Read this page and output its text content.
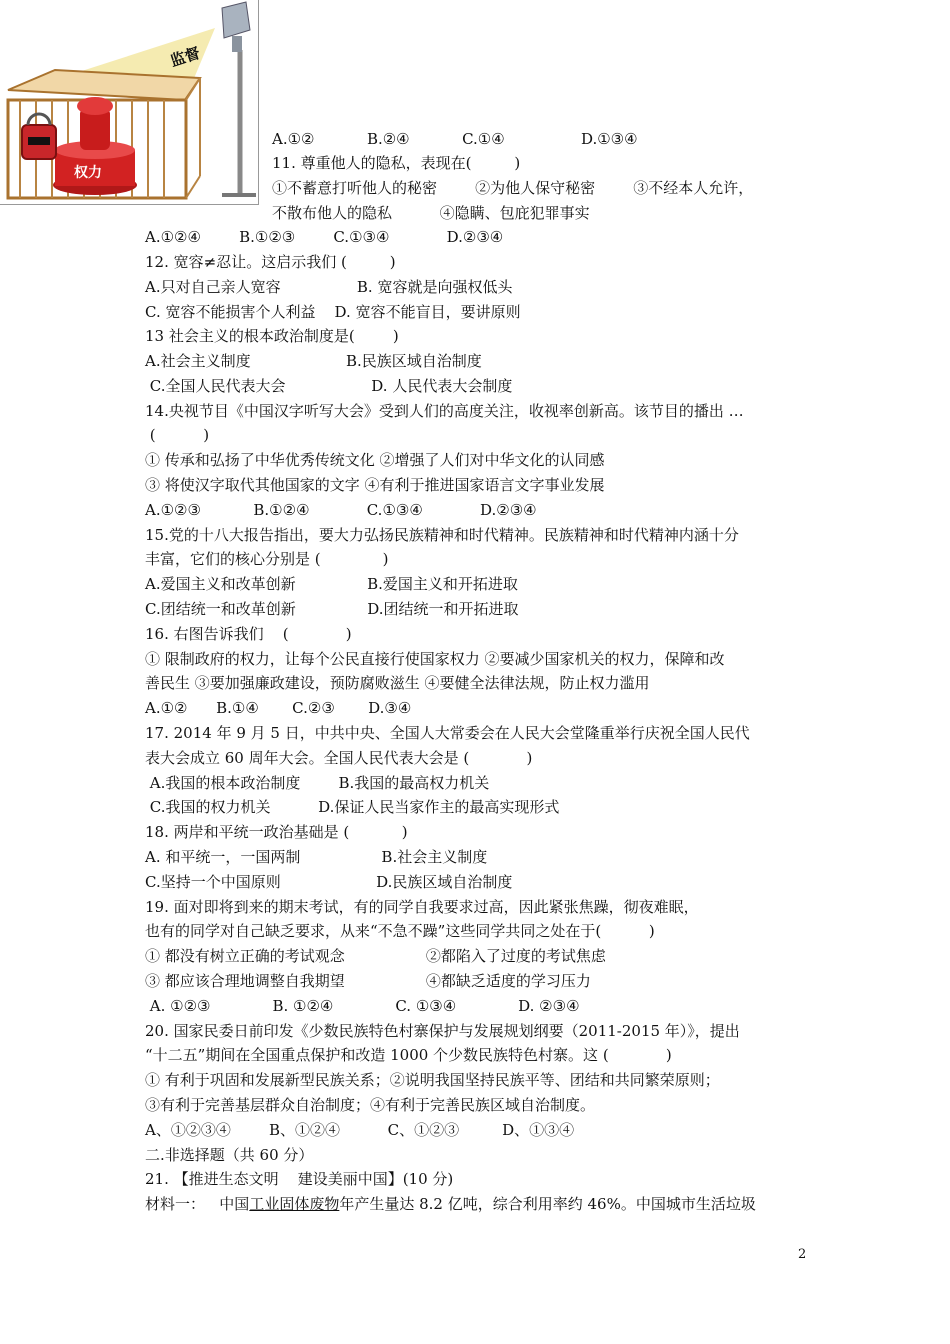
监督
权力
A.①②           B.②④           C.①④                D.①③④
11. 尊重他人的隐私，表现在(         )
①不蓄意打听他人的秘密        ②为他人保守秘密        ③不经本人允许，
不散布他人的隐私          ④隐瞒、包庇犯罪事实
A.①②④        B.①②③        C.①③④            D.②③④
12. 宽容≠忍让。这启示我们 (         )
A.只对自己亲人宽容                B. 宽容就是向强权低头
C. 宽容不能损害个人利益    D. 宽容不能盲目，要讲原则
13 社会主义的根本政治制度是(        )
A.社会主义制度                    B.民族区域自治制度
C.全国人民代表大会                  D. 人民代表大会制度
14.央视节目《中国汉字听写大会》受到人们的高度关注，收视率创新高。该节目的播出 …
(          )
① 传承和弘扬了中华优秀传统文化 ②增强了人们对中华文化的认同感
③ 将使汉字取代其他国家的文字 ④有利于推进国家语言文字事业发展
A.①②③           B.①②④            C.①③④            D.②③④
15.党的十八大报告指出，要大力弘扬民族精神和时代精神。民族精神和时代精神内涵十分
丰富，它们的核心分别是 (             )
A.爱国主义和改革创新               B.爱国主义和开拓进取
C.团结统一和改革创新               D.团结统一和开拓进取
16. 右图告诉我们    (            )
① 限制政府的权力，让每个公民直接行使国家权力 ②要减少国家机关的权力，保障和改
善民生 ③要加强廉政建设，预防腐败滋生 ④要健全法律法规，防止权力滥用
A.①②      B.①④       C.②③       D.③④
17. 2014 年 9 月 5 日，中共中央、全国人大常委会在人民大会堂隆重举行庆祝全国人民代
表大会成立 60 周年大会。全国人民代表大会是 (            )
A.我国的根本政治制度        B.我国的最高权力机关
C.我国的权力机关          D.保证人民当家作主的最高实现形式
18. 两岸和平统一政治基础是 (           )
A. 和平统一，一国两制                 B.社会主义制度
C.坚持一个中国原则                    D.民族区域自治制度
19. 面对即将到来的期末考试，有的同学自我要求过高，因此紧张焦躁，彻夜难眠，
也有的同学对自己缺乏要求，从来“不急不躁”这些同学共同之处在于(          )
① 都没有树立正确的考试观念                 ②都陷入了过度的考试焦虑
③ 都应该合理地调整自我期望                 ④都缺乏适度的学习压力
A. ①②③             B. ①②④             C. ①③④             D. ②③④
20. 国家民委日前印发《少数民族特色村寨保护与发展规划纲要（2011-2015 年）》，提出
“十二五”期间在全国重点保护和改造 1000 个少数民族特色村寨。这 (            )
① 有利于巩固和发展新型民族关系；②说明我国坚持民族平等、团结和共同繁荣原则；
③有利于完善基层群众自治制度；④有利于完善民族区域自治制度。
A、①②③④        B、①②④          C、①②③         D、①③④
二.非选择题（共 60 分）
21. 【推进生态文明    建设美丽中国】(10 分)
材料一：   中国工业固体废物年产生量达 8.2 亿吨，综合利用率约 46%。中国城市生活垃圾
2
